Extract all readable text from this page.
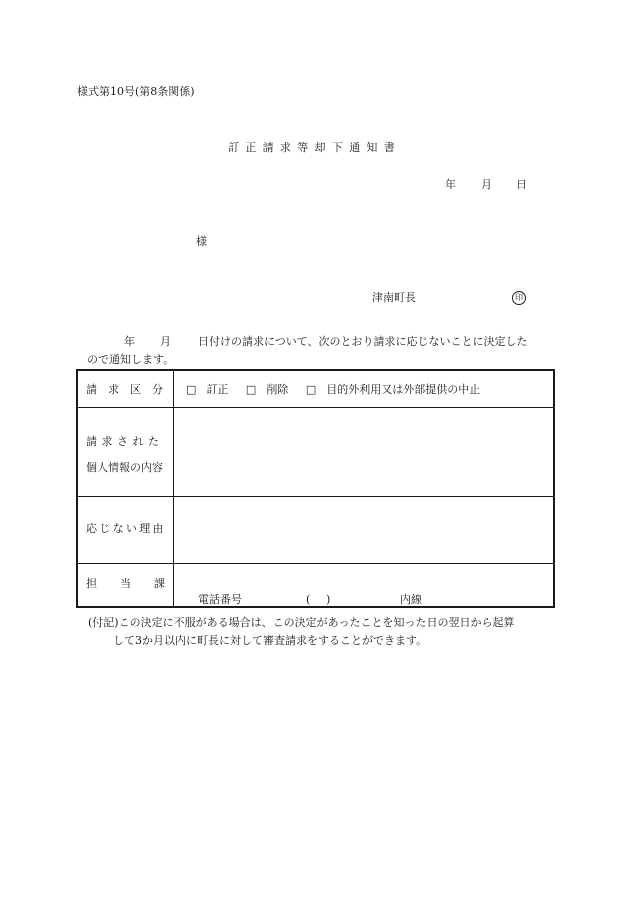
様式第10号(第8条関係)
訂正請求等却下通知書
年 月 日
様
津南町長	印
年 月 日付けの請求について、次のとおり請求に応じないことに決定した
ので通知します。
請求区分 □ 訂正 □ 削除 □ 目的外利用又は外部提供の中止
請求された
個人情報の内容
応じない理由
担当課
電話番号	( )	内線
(付記)この決定に不服がある場合は、この決定があったことを知った日の翌日から起算
して3か月以内に町長に対して審査請求をすることができます。
